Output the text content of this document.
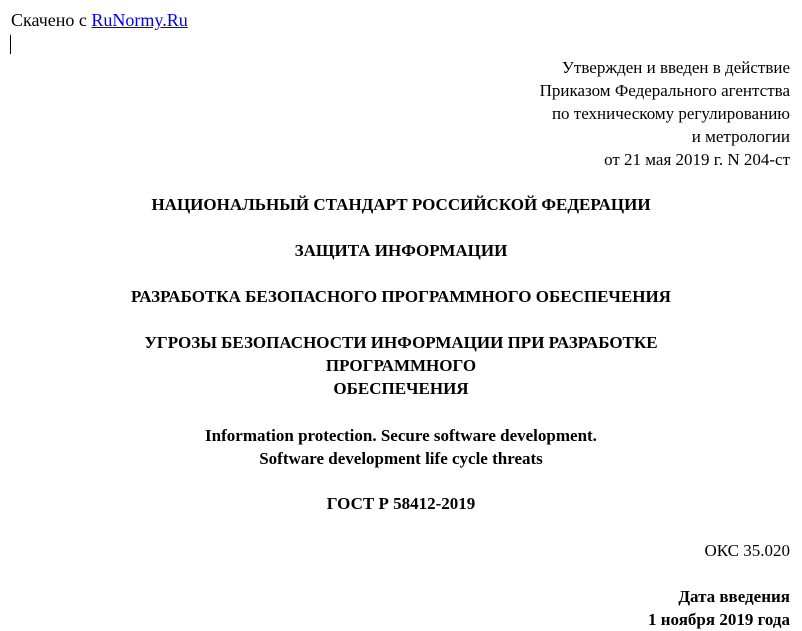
Скачено с RuNormy.Ru
Утвержден и введен в действие
Приказом Федерального агентства
по техническому регулированию
и метрологии
от 21 мая 2019 г. N 204-ст
НАЦИОНАЛЬНЫЙ СТАНДАРТ РОССИЙСКОЙ ФЕДЕРАЦИИ
ЗАЩИТА ИНФОРМАЦИИ
РАЗРАБОТКА БЕЗОПАСНОГО ПРОГРАММНОГО ОБЕСПЕЧЕНИЯ
УГРОЗЫ БЕЗОПАСНОСТИ ИНФОРМАЦИИ ПРИ РАЗРАБОТКЕ
ПРОГРАММНОГО
ОБЕСПЕЧЕНИЯ
Information protection. Secure software development.
Software development life cycle threats
ГОСТ Р 58412-2019
ОКС 35.020
Дата введения
1 ноября 2019 года
